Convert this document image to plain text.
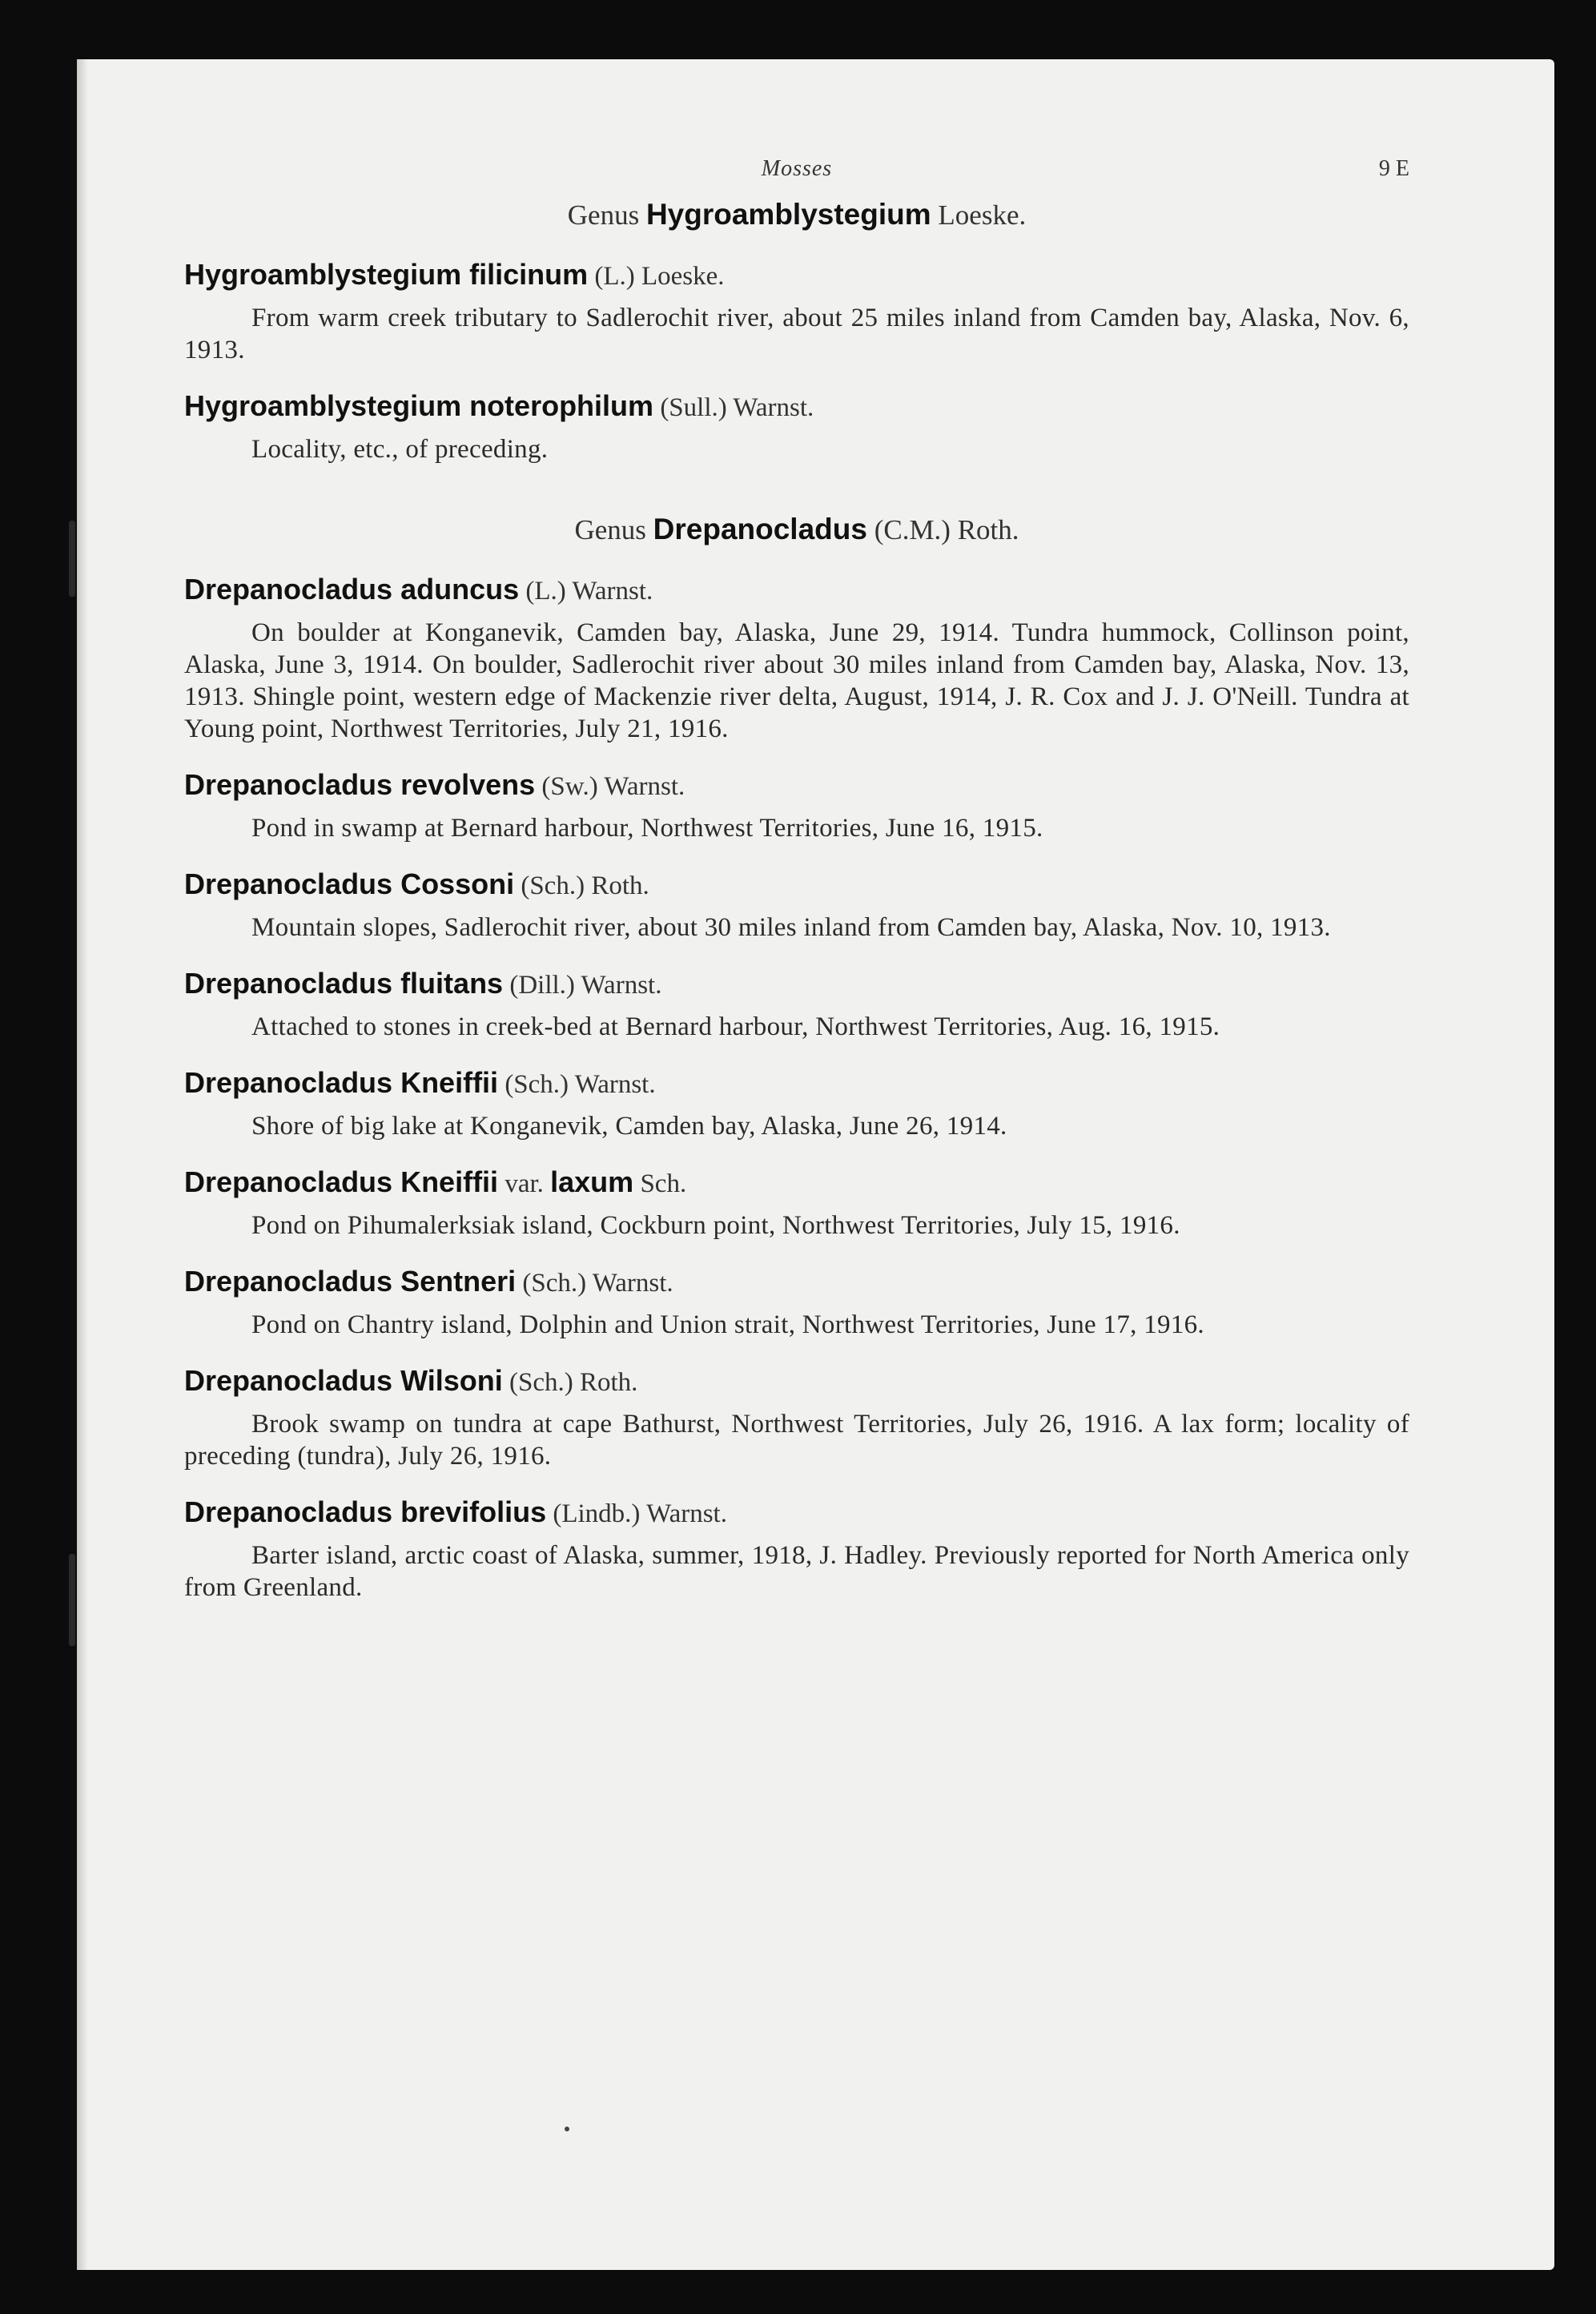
Mosses	9 E
Genus Hygroamblystegium Loeske.
Hygroamblystegium filicinum (L.) Loeske.
From warm creek tributary to Sadlerochit river, about 25 miles inland from Camden bay, Alaska, Nov. 6, 1913.
Hygroamblystegium noterophilum (Sull.) Warnst.
Locality, etc., of preceding.
Genus Drepanocladus (C.M.) Roth.
Drepanocladus aduncus (L.) Warnst.
On boulder at Konganevik, Camden bay, Alaska, June 29, 1914. Tundra hummock, Collinson point, Alaska, June 3, 1914. On boulder, Sadlerochit river about 30 miles inland from Camden bay, Alaska, Nov. 13, 1913. Shingle point, western edge of Mackenzie river delta, August, 1914, J. R. Cox and J. J. O'Neill. Tundra at Young point, Northwest Territories, July 21, 1916.
Drepanocladus revolvens (Sw.) Warnst.
Pond in swamp at Bernard harbour, Northwest Territories, June 16, 1915.
Drepanocladus Cossoni (Sch.) Roth.
Mountain slopes, Sadlerochit river, about 30 miles inland from Camden bay, Alaska, Nov. 10, 1913.
Drepanocladus fluitans (Dill.) Warnst.
Attached to stones in creek-bed at Bernard harbour, Northwest Territories, Aug. 16, 1915.
Drepanocladus Kneiffii (Sch.) Warnst.
Shore of big lake at Konganevik, Camden bay, Alaska, June 26, 1914.
Drepanocladus Kneiffii var. laxum Sch.
Pond on Pihumalerksiak island, Cockburn point, Northwest Territories, July 15, 1916.
Drepanocladus Sentneri (Sch.) Warnst.
Pond on Chantry island, Dolphin and Union strait, Northwest Territories, June 17, 1916.
Drepanocladus Wilsoni (Sch.) Roth.
Brook swamp on tundra at cape Bathurst, Northwest Territories, July 26, 1916. A lax form; locality of preceding (tundra), July 26, 1916.
Drepanocladus brevifolius (Lindb.) Warnst.
Barter island, arctic coast of Alaska, summer, 1918, J. Hadley. Previously reported for North America only from Greenland.
